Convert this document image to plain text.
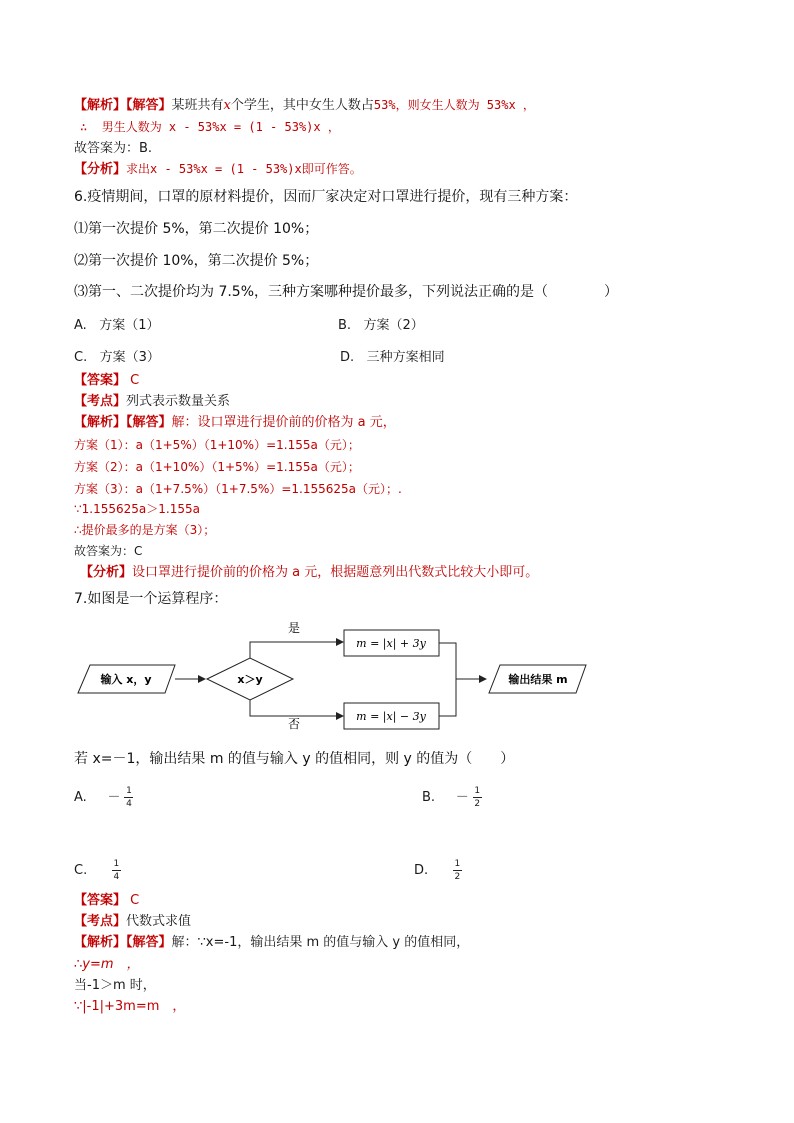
【解析】【解答】某班共有x个学生，其中女生人数占53%，则女生人数为 53%x ，
∴ 男生人数为 x - 53%x = (1 - 53%)x ，
故答案为：B.
【分析】求出x - 53%x = (1 - 53%)x即可作答。
6.疫情期间，口罩的原材料提价，因而厂家决定对口罩进行提价，现有三种方案：
⑴第一次提价 5%，第二次提价 10%；
⑵第一次提价 10%，第二次提价 5%；
⑶第一、二次提价均为 7.5%，三种方案哪种提价最多，下列说法正确的是（　　　　）
A. 方案（1）	B. 方案（2）
C. 方案（3）	D. 三种方案相同
【答案】 C
【考点】列式表示数量关系
【解析】【解答】解：设口罩进行提价前的价格为 a 元，
方案（1）：a（1+5%）（1+10%）=1.155a（元）；
方案（2）：a（1+10%）（1+5%）=1.155a（元）；
方案（3）：a（1+7.5%）（1+7.5%）=1.155625a（元）；.
∵1.155625a＞1.155a
∴提价最多的是方案（3）；
故答案为：C
【分析】设口罩进行提价前的价格为 a 元，根据题意列出代数式比较大小即可。
7.如图是一个运算程序：
输入 x，y	x＞y
是
否
m = |x| + 3y
m = |x| − 3y
输出结果 m
若 x=－1，输出结果 m 的值与输入 y 的值相同，则 y 的值为（　　）
A. － $\frac{1}{4}$	B. － $\frac{1}{2}$
C.	$\frac{1}{4}$	D.	$\frac{1}{2}$
【答案】 C
【考点】代数式求值
【解析】【解答】解：∵x=-1，输出结果 m 的值与输入 y 的值相同，
∴y=m　，
当-1＞m 时，
∵|-1|+3m=m　，
